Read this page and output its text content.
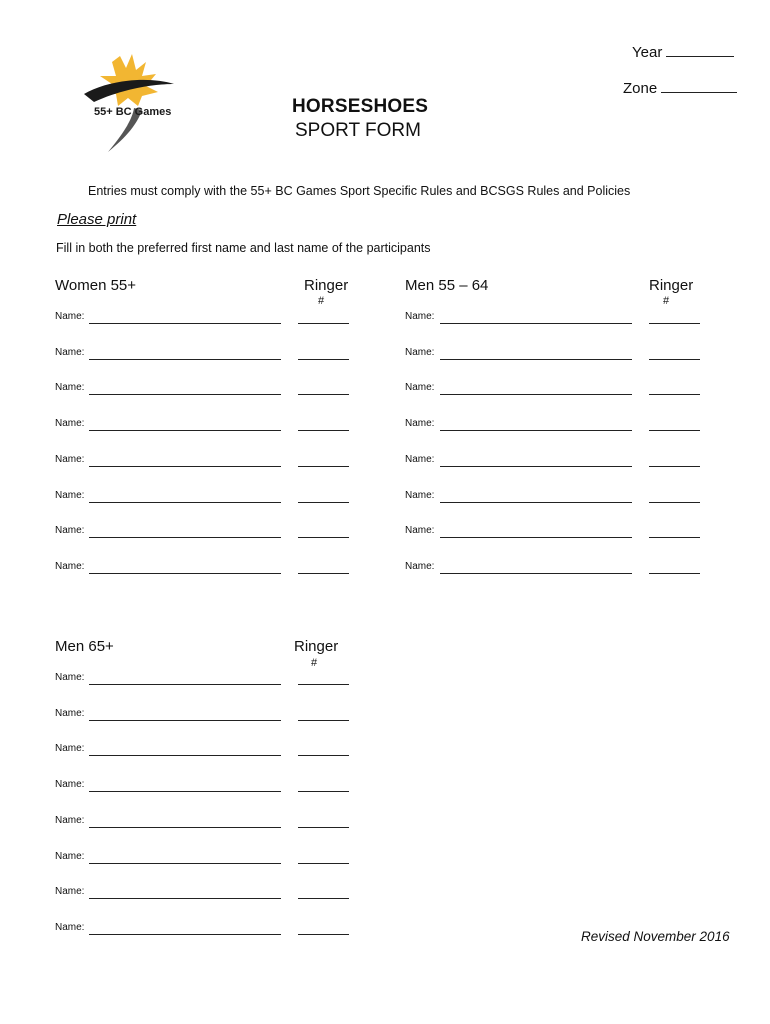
55+ BC Games
Year
Zone
HORSESHOES
SPORT FORM
Entries must comply with the 55+ BC Games Sport Specific Rules and BCSGS Rules and Policies
Please print
Fill in both the preferred first name and last name of the participants
Women 55+	Ringer
#
Name:
Name:
Name:
Name:
Name:
Name:
Name:
Name:
Men 55 – 64	Ringer
#
Name:
Name:
Name:
Name:
Name:
Name:
Name:
Name:
Men 65+	Ringer
#
Name:
Name:
Name:
Name:
Name:
Name:
Name:
Name:
Revised November 2016
